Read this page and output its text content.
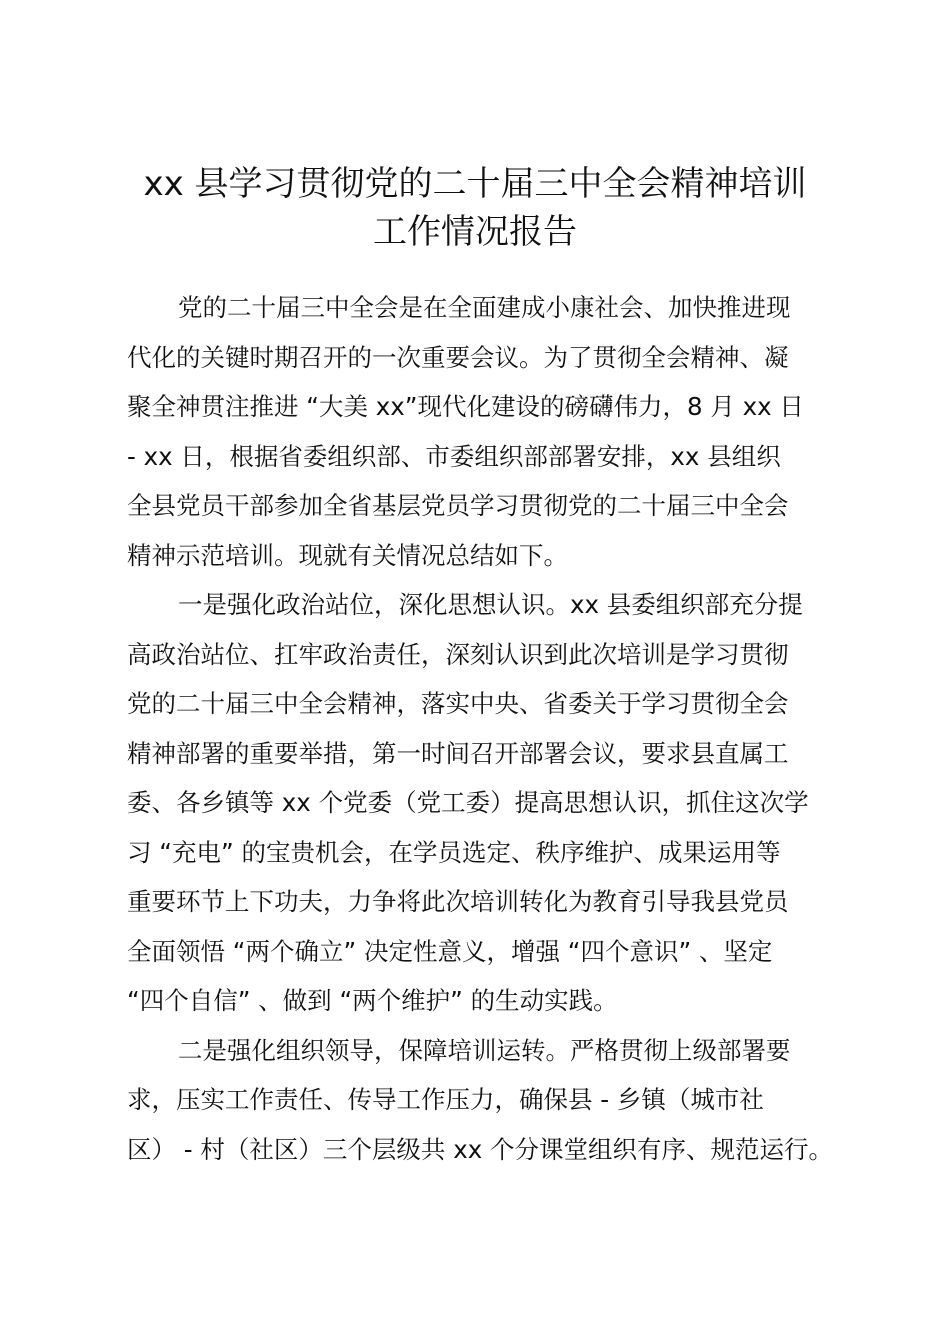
xx 县学习贯彻党的二十届三中全会精神培训
工作情况报告
党的二十届三中全会是在全面建成小康社会、加快推进现
代化的关键时期召开的一次重要会议。为了贯彻全会精神、凝
聚全神贯注推进 “大美 xx”现代化建设的磅礴伟力，8 月 xx 日
- xx 日，根据省委组织部、市委组织部部署安排，xx 县组织
全县党员干部参加全省基层党员学习贯彻党的二十届三中全会
精神示范培训。现就有关情况总结如下。
一是强化政治站位，深化思想认识。xx 县委组织部充分提
高政治站位、扛牢政治责任，深刻认识到此次培训是学习贯彻
党的二十届三中全会精神，落实中央、省委关于学习贯彻全会
精神部署的重要举措，第一时间召开部署会议，要求县直属工
委、各乡镇等 xx 个党委（党工委）提高思想认识，抓住这次学
习 “充电” 的宝贵机会，在学员选定、秩序维护、成果运用等
重要环节上下功夫，力争将此次培训转化为教育引导我县党员
全面领悟 “两个确立” 决定性意义，增强 “四个意识” 、坚定
“四个自信” 、做到 “两个维护” 的生动实践。
二是强化组织领导，保障培训运转。严格贯彻上级部署要
求，压实工作责任、传导工作压力，确保县 - 乡镇（城市社
区） - 村（社区）三个层级共 xx 个分课堂组织有序、规范运行。
